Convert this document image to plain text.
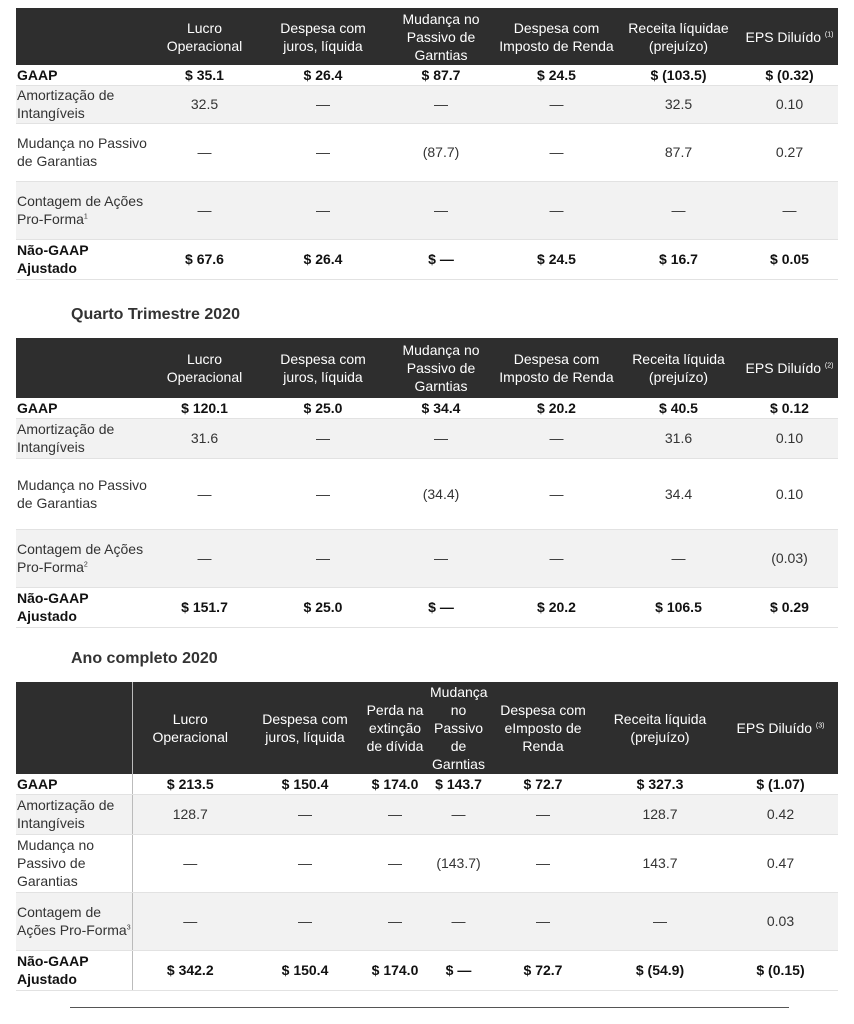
	Lucro Operacional	Despesa com juros, líquida	Mudança no Passivo de Garntias	Despesa com Imposto de Renda	Receita líquidae (prejuízo)	EPS Diluído $^{(1)}$
GAAP	$ 35.1	$ 26.4	$ 87.7	$ 24.5	$ (103.5)	$ (0.32)
Amortização de Intangíveis	32.5	—	—	—	32.5	0.10
Mudança no Passivo de Garantias	—	—	(87.7)	—	87.7	0.27
Contagem de Ações Pro-Forma$^1$	—	—	—	—	—	—
Não-GAAP Ajustado	$ 67.6	$ 26.4	$ —	$ 24.5	$ 16.7	$ 0.05
Quarto Trimestre 2020
	Lucro Operacional	Despesa com juros, líquida	Mudança no Passivo de Garntias	Despesa com Imposto de Renda	Receita líquida (prejuízo)	EPS Diluído $^{(2)}$
GAAP	$ 120.1	$ 25.0	$ 34.4	$ 20.2	$ 40.5	$ 0.12
Amortização de Intangíveis	31.6	—	—	—	31.6	0.10
Mudança no Passivo de Garantias	—	—	(34.4)	—	34.4	0.10
Contagem de Ações Pro-Forma$^2$	—	—	—	—	—	(0.03)
Não-GAAP Ajustado	$ 151.7	$ 25.0	$ —	$ 20.2	$ 106.5	$ 0.29
Ano completo 2020
	Lucro Operacional	Despesa com juros, líquida	Perda na extinção de dívida	Mudança no Passivo de Garntias	Despesa com eImposto de Renda	Receita líquida (prejuízo)	EPS Diluído $^{(3)}$
GAAP	$ 213.5	$ 150.4	$ 174.0	$ 143.7	$ 72.7	$ 327.3	$ (1.07)
Amortização de Intangíveis	128.7	—	—	—	—	128.7	0.42
Mudança no Passivo de Garantias	—	—	—	(143.7)	—	143.7	0.47
Contagem de Ações Pro-Forma$^3$	—	—	—	—	—	—	0.03
Não-GAAP Ajustado	$ 342.2	$ 150.4	$ 174.0	$ —	$ 72.7	$ (54.9)	$ (0.15)
